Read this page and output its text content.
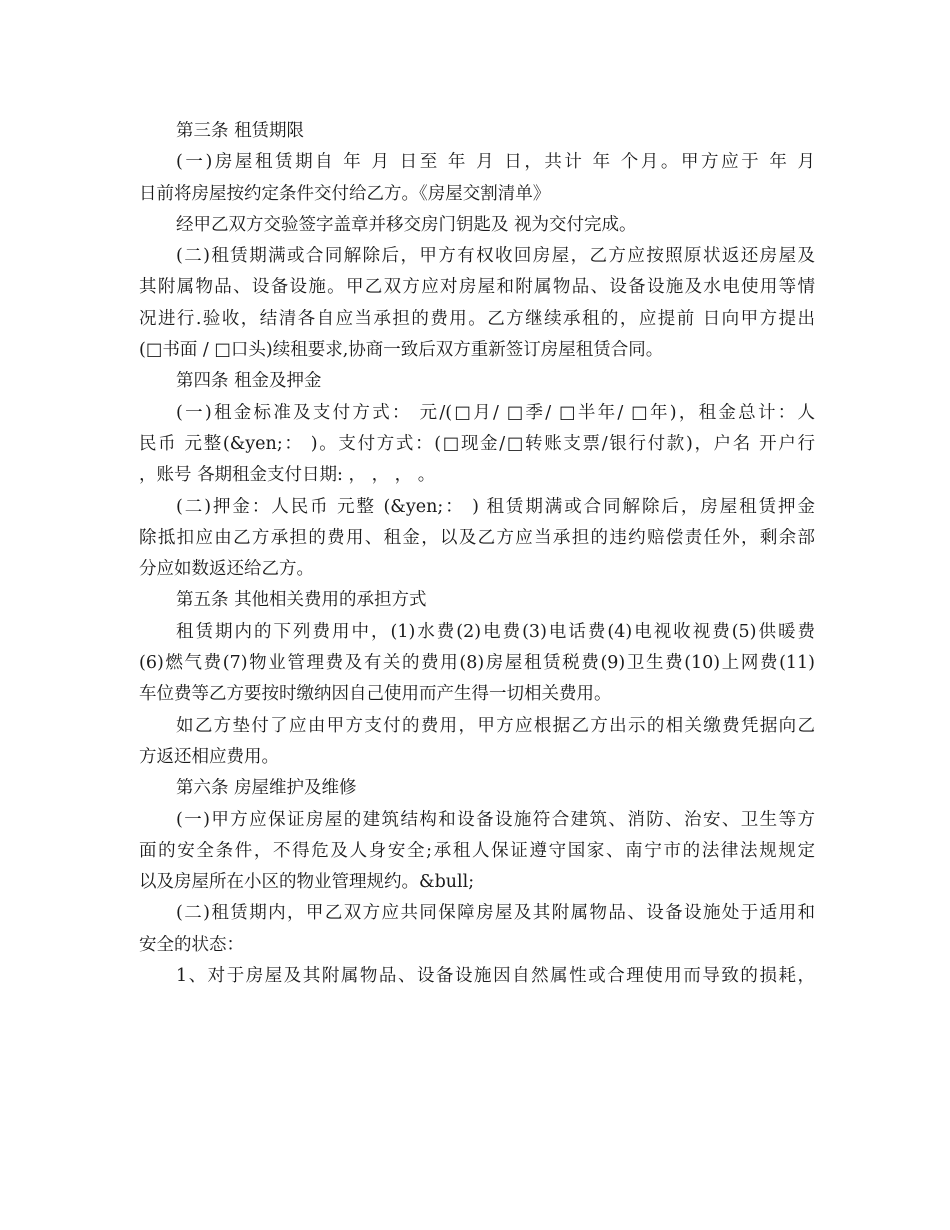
第三条 租赁期限
(一)房屋租赁期自 年 月 日至 年 月 日，共计 年 个月。甲方应于 年 月
日前将房屋按约定条件交付给乙方。《房屋交割清单》
经甲乙双方交验签字盖章并移交房门钥匙及 视为交付完成。
(二)租赁期满或合同解除后，甲方有权收回房屋，乙方应按照原状返还房屋及
其附属物品、设备设施。甲乙双方应对房屋和附属物品、设备设施及水电使用等情
况进行.验收，结清各自应当承担的费用。乙方继续承租的，应提前 日向甲方提出
(□书面 / □口头)续租要求,协商一致后双方重新签订房屋租赁合同。
第四条 租金及押金
(一)租金标准及支付方式： 元/(□月/ □季/ □半年/ □年)，租金总计：人
民币 元整(&yen;： )。支付方式：(□现金/□转账支票/银行付款)，户名 开户行
，账号 各期租金支付日期: ， ， ， 。
(二)押金：人民币 元整 (&yen;： ) 租赁期满或合同解除后，房屋租赁押金
除抵扣应由乙方承担的费用、租金，以及乙方应当承担的违约赔偿责任外，剩余部
分应如数返还给乙方。
第五条 其他相关费用的承担方式
租赁期内的下列费用中，(1)水费(2)电费(3)电话费(4)电视收视费(5)供暖费
(6)燃气费(7)物业管理费及有关的费用(8)房屋租赁税费(9)卫生费(10)上网费(11)
车位费等乙方要按时缴纳因自己使用而产生得一切相关费用。
如乙方垫付了应由甲方支付的费用，甲方应根据乙方出示的相关缴费凭据向乙
方返还相应费用。
第六条 房屋维护及维修
(一)甲方应保证房屋的建筑结构和设备设施符合建筑、消防、治安、卫生等方
面的安全条件，不得危及人身安全;承租人保证遵守国家、南宁市的法律法规规定
以及房屋所在小区的物业管理规约。&bull;
(二)租赁期内，甲乙双方应共同保障房屋及其附属物品、设备设施处于适用和
安全的状态：
1、对于房屋及其附属物品、设备设施因自然属性或合理使用而导致的损耗，
